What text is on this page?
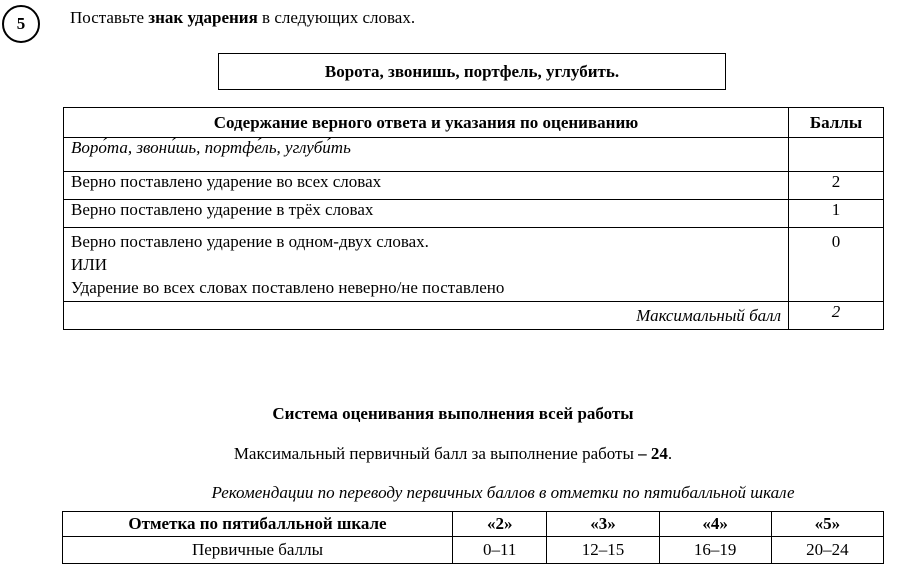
5	Поставьте знак ударения в следующих словах.
Ворота, звонишь, портфель, углубить.
Содержание верного ответа и указания по оцениванию	Баллы
Воро́та, звони́шь, портфе́ль, углуби́ть	
Верно поставлено ударение во всех словах	2
Верно поставлено ударение в трёх словах	1

Верно поставлено ударение в одном-двух словах.
ИЛИ
Ударение во всех словах поставлено неверно/не поставлено	0
Максимальный балл	2
Система оценивания выполнения всей работы
Максимальный первичный балл за выполнение работы – 24.
Рекомендации по переводу первичных баллов в отметки по пятибалльной шкале
Отметка по пятибалльной шкале	«2»	«3»	«4»	«5»
Первичные баллы	0–11	12–15	16–19	20–24
